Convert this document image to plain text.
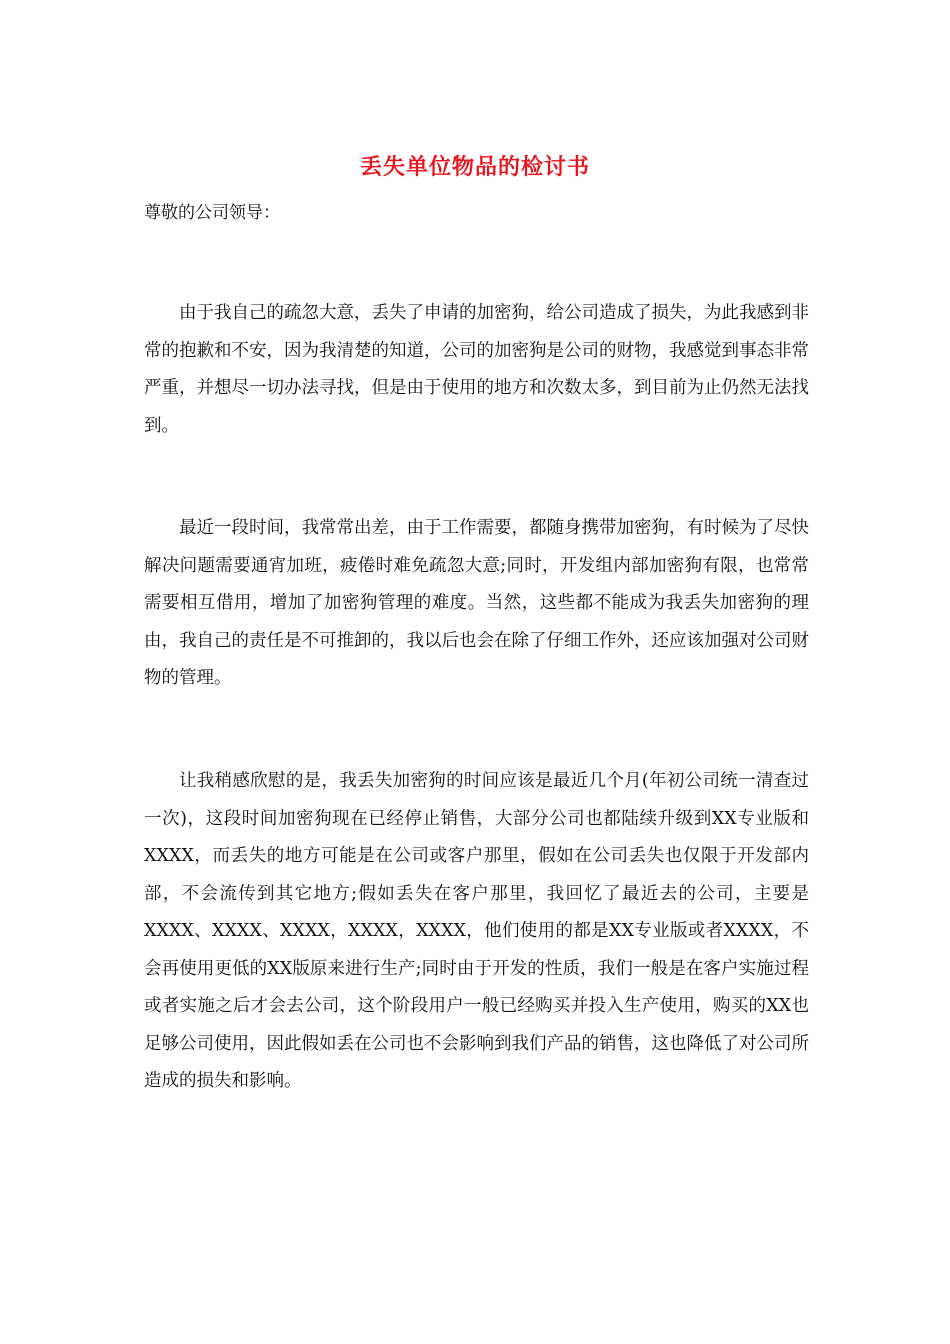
丢失单位物品的检讨书
尊敬的公司领导：

由于我自己的疏忽大意，丢失了申请的加密狗，给公司造成了损失，为此我感到非常的抱歉和不安，因为我清楚的知道，公司的加密狗是公司的财物，我感觉到事态非常严重，并想尽一切办法寻找，但是由于使用的地方和次数太多，到目前为止仍然无法找到。

最近一段时间，我常常出差，由于工作需要，都随身携带加密狗，有时候为了尽快解决问题需要通宵加班，疲倦时难免疏忽大意;同时，开发组内部加密狗有限，也常常需要相互借用，增加了加密狗管理的难度。当然，这些都不能成为我丢失加密狗的理由，我自己的责任是不可推卸的，我以后也会在除了仔细工作外，还应该加强对公司财物的管理。

让我稍感欣慰的是，我丢失加密狗的时间应该是最近几个月(年初公司统一清查过一次)，这段时间加密狗现在已经停止销售，大部分公司也都陆续升级到XX专业版和XXXX，而丢失的地方可能是在公司或客户那里，假如在公司丢失也仅限于开发部内部，不会流传到其它地方;假如丢失在客户那里，我回忆了最近去的公司，主要是XXXX、XXXX、XXXX，XXXX，XXXX，他们使用的都是XX专业版或者XXXX，不会再使用更低的XX版原来进行生产;同时由于开发的性质，我们一般是在客户实施过程或者实施之后才会去公司，这个阶段用户一般已经购买并投入生产使用，购买的XX也足够公司使用，因此假如丢在公司也不会影响到我们产品的销售，这也降低了对公司所造成的损失和影响。
